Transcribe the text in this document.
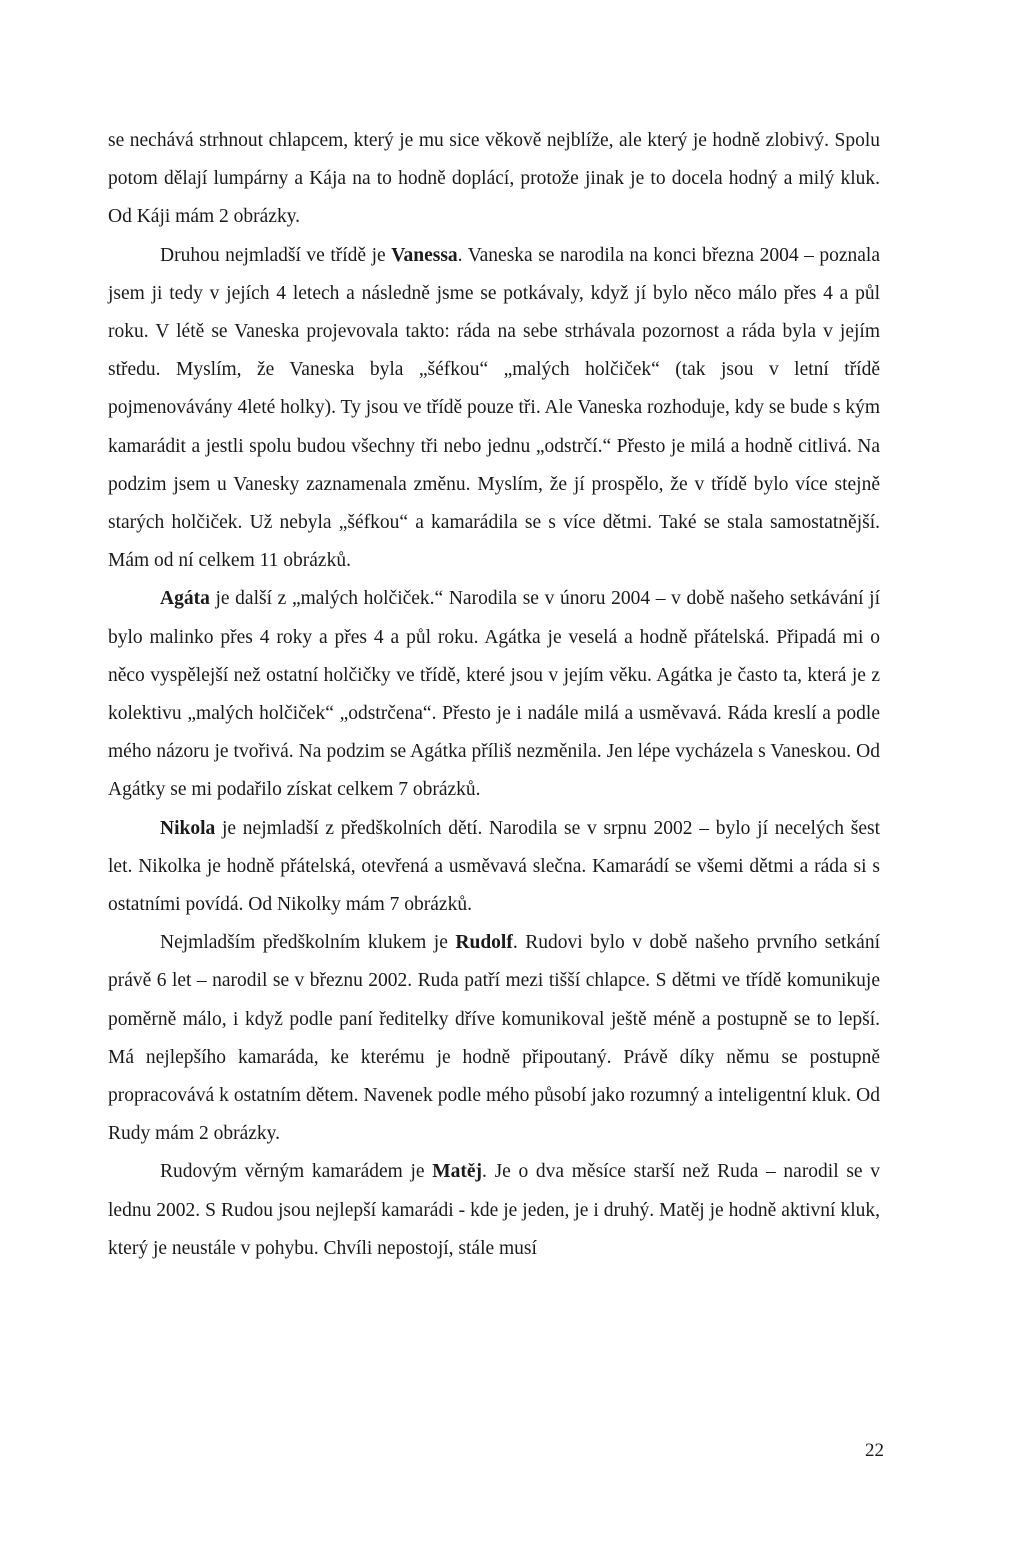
se nechává strhnout chlapcem, který je mu sice věkově nejblíže, ale který je hodně zlobivý. Spolu potom dělají lumpárny a Kája na to hodně doplácí, protože jinak je to docela hodný a milý kluk. Od Káji mám 2 obrázky.

Druhou nejmladší ve třídě je Vanessa. Vaneska se narodila na konci března 2004 – poznala jsem ji tedy v jejích 4 letech a následně jsme se potkávaly, když jí bylo něco málo přes 4 a půl roku. V létě se Vaneska projevovala takto: ráda na sebe strhávala pozornost a ráda byla v jejím středu. Myslím, že Vaneska byla „šéfkou“ „malých holčiček“ (tak jsou v letní třídě pojmenovávány 4leté holky). Ty jsou ve třídě pouze tři. Ale Vaneska rozhoduje, kdy se bude s kým kamarádit a jestli spolu budou všechny tři nebo jednu „odstrčí.“ Přesto je milá a hodně citlivá. Na podzim jsem u Vanesky zaznamenala změnu. Myslím, že jí prospělo, že v třídě bylo více stejně starých holčiček. Už nebyla „šéfkou“ a kamarádila se s více dětmi. Také se stala samostatnější. Mám od ní celkem 11 obrázků.

Agáta je další z „malých holčiček.“ Narodila se v únoru 2004 – v době našeho setkávání jí bylo malinko přes 4 roky a přes 4 a půl roku. Agátka je veselá a hodně přátelská. Připadá mi o něco vyspělejší než ostatní holčičky ve třídě, které jsou v jejím věku. Agátka je často ta, která je z kolektivu „malých holčiček“ „odstrčena“. Přesto je i nadále milá a usměvavá. Ráda kreslí a podle mého názoru je tvořivá. Na podzim se Agátka příliš nezměnila. Jen lépe vycházela s Vaneskou. Od Agátky se mi podařilo získat celkem 7 obrázků.

Nikola je nejmladší z předškolních dětí. Narodila se v srpnu 2002 – bylo jí necelých šest let. Nikolka je hodně přátelská, otevřená a usměvavá slečna. Kamarádí se všemi dětmi a ráda si s ostatními povídá. Od Nikolky mám 7 obrázků.

Nejmladším předškolním klukem je Rudolf. Rudovi bylo v době našeho prvního setkání právě 6 let – narodil se v březnu 2002. Ruda patří mezi tišší chlapce. S dětmi ve třídě komunikuje poměrně málo, i když podle paní ředitelky dříve komunikoval ještě méně a postupně se to lepší. Má nejlepšího kamaráda, ke kterému je hodně připoutaný. Právě díky němu se postupně propracovává k ostatním dětem. Navenek podle mého působí jako rozumný a inteligentní kluk. Od Rudy mám 2 obrázky.

Rudovým věrným kamarádem je Matěj. Je o dva měsíce starší než Ruda – narodil se v lednu 2002. S Rudou jsou nejlepší kamarádi - kde je jeden, je i druhý. Matěj je hodně aktivní kluk, který je neustále v pohybu. Chvíli nepostojí, stále musí

22
